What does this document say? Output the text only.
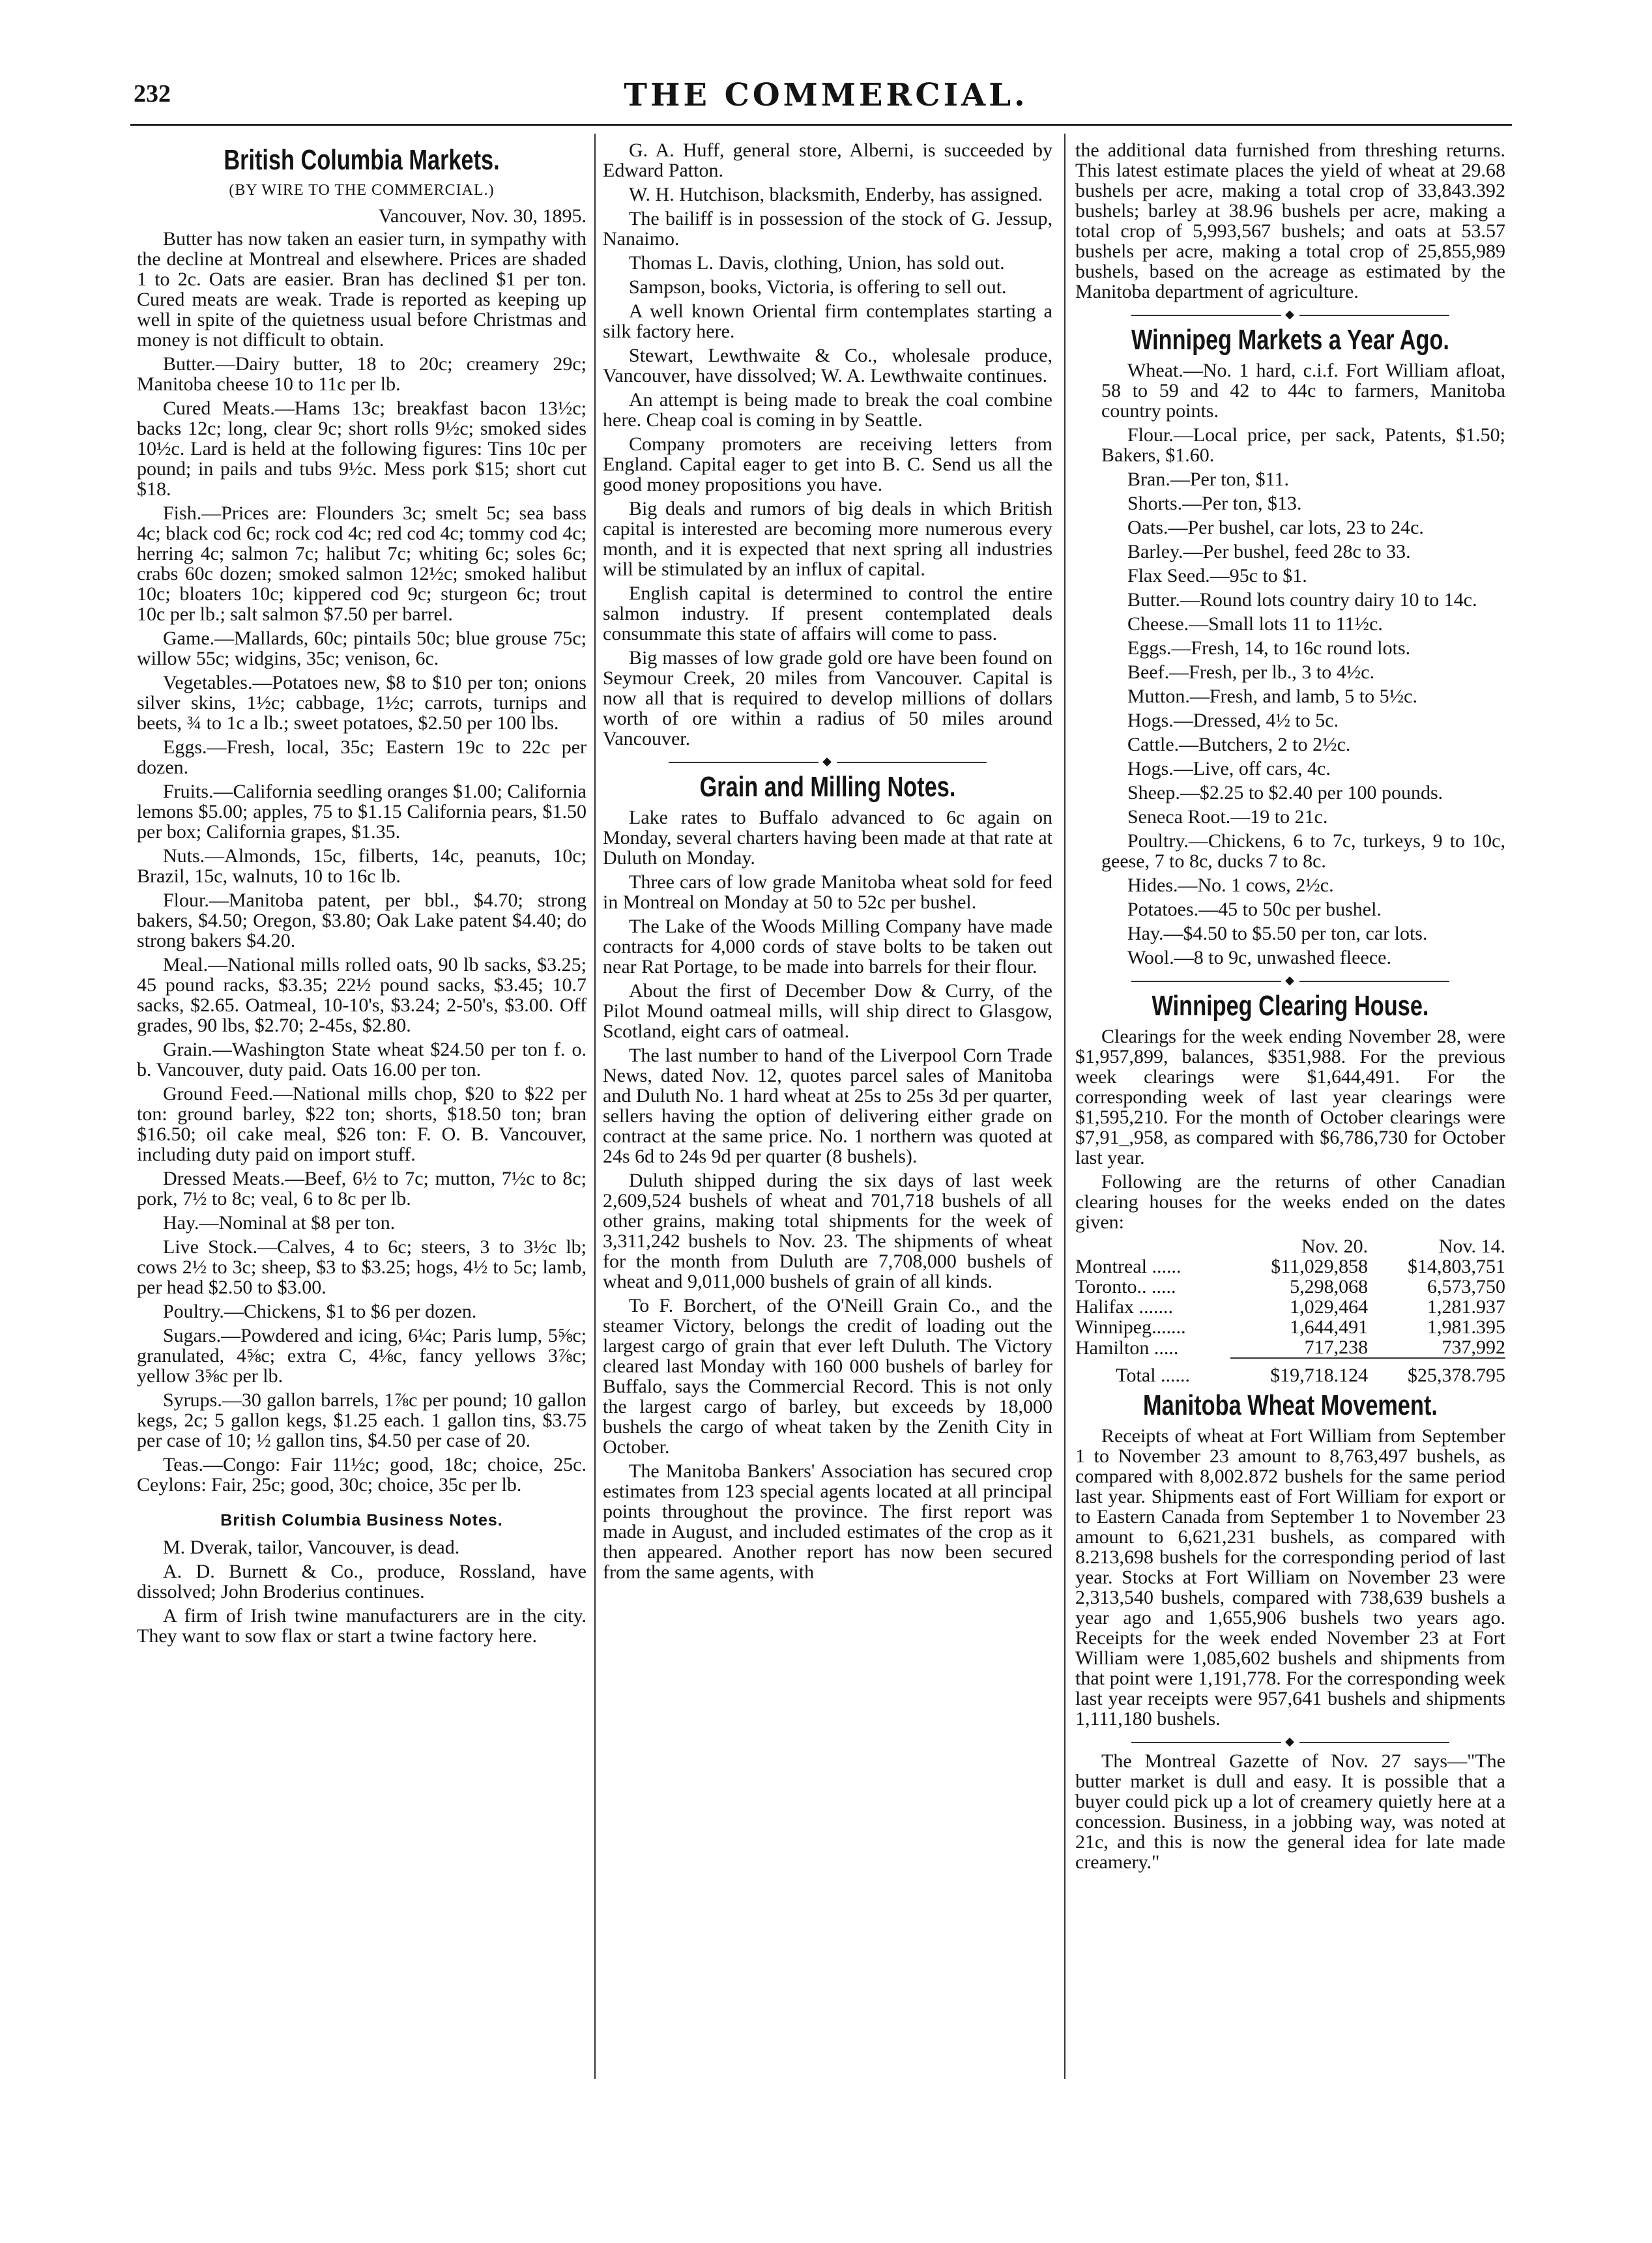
232	THE COMMERCIAL.
British Columbia Markets.
(BY WIRE TO THE COMMERCIAL.)
Vancouver, Nov. 30, 1895.

Butter has now taken an easier turn, in sympathy with the decline at Montreal and elsewhere. Prices are shaded 1 to 2c. Oats are easier. Bran has declined $1 per ton. Cured meats are weak. Trade is reported as keeping up well in spite of the quietness usual before Christmas and money is not difficult to obtain.

Butter.—Dairy butter, 18 to 20c; creamery 29c; Manitoba cheese 10 to 11c per lb.

Cured Meats.—Hams 13c; breakfast bacon 13½c; backs 12c; long, clear 9c; short rolls 9½c; smoked sides 10½c. Lard is held at the following figures: Tins 10c per pound; in pails and tubs 9½c. Mess pork $15; short cut $18.

Fish.—Prices are: Flounders 3c; smelt 5c; sea bass 4c; black cod 6c; rock cod 4c; red cod 4c; tommy cod 4c; herring 4c; salmon 7c; halibut 7c; whiting 6c; soles 6c; crabs 60c dozen; smoked salmon 12½c; smoked halibut 10c; bloaters 10c; kippered cod 9c; sturgeon 6c; trout 10c per lb.; salt salmon $7.50 per barrel.

Game.—Mallards, 60c; pintails 50c; blue grouse 75c; willow 55c; widgins, 35c; venison, 6c.

Vegetables.—Potatoes new, $8 to $10 per ton; onions silver skins, 1½c; cabbage, 1½c; carrots, turnips and beets, ¾ to 1c a lb.; sweet potatoes, $2.50 per 100 lbs.

Eggs.—Fresh, local, 35c; Eastern 19c to 22c per dozen.

Fruits.—California seedling oranges $1.00; California lemons $5.00; apples, 75 to $1.15 California pears, $1.50 per box; California grapes, $1.35.

Nuts.—Almonds, 15c, filberts, 14c, peanuts, 10c; Brazil, 15c, walnuts, 10 to 16c lb.

Flour.—Manitoba patent, per bbl., $4.70; strong bakers, $4.50; Oregon, $3.80; Oak Lake patent $4.40; do strong bakers $4.20.

Meal.—National mills rolled oats, 90 lb sacks, $3.25; 45 pound racks, $3.35; 22½ pound sacks, $3.45; 10.7 sacks, $2.65. Oatmeal, 10-10's, $3.24; 2-50's, $3.00. Off grades, 90 lbs, $2.70; 2-45s, $2.80.

Grain.—Washington State wheat $24.50 per ton f. o. b. Vancouver, duty paid. Oats 16.00 per ton.

Ground Feed.—National mills chop, $20 to $22 per ton: ground barley, $22 ton; shorts, $18.50 ton; bran $16.50; oil cake meal, $26 ton: F. O. B. Vancouver, including duty paid on import stuff.

Dressed Meats.—Beef, 6½ to 7c; mutton, 7½c to 8c; pork, 7½ to 8c; veal, 6 to 8c per lb.

Hay.—Nominal at $8 per ton.

Live Stock.—Calves, 4 to 6c; steers, 3 to 3½c lb; cows 2½ to 3c; sheep, $3 to $3.25; hogs, 4½ to 5c; lamb, per head $2.50 to $3.00.

Poultry.—Chickens, $1 to $6 per dozen.

Sugars.—Powdered and icing, 6¼c; Paris lump, 5⅝c; granulated, 4⅝c; extra C, 4⅛c, fancy yellows 3⅞c; yellow 3⅝c per lb.

Syrups.—30 gallon barrels, 1⅞c per pound; 10 gallon kegs, 2c; 5 gallon kegs, $1.25 each. 1 gallon tins, $3.75 per case of 10; ½ gallon tins, $4.50 per case of 20.

Teas.—Congo: Fair 11½c; good, 18c; choice, 25c. Ceylons: Fair, 25c; good, 30c; choice, 35c per lb.

British Columbia Business Notes.

M. Dverak, tailor, Vancouver, is dead.

A. D. Burnett & Co., produce, Rossland, have dissolved; John Broderius continues.

A firm of Irish twine manufacturers are in the city. They want to sow flax or start a twine factory here.

G. A. Huff, general store, Alberni, is succeeded by Edward Patton.

W. H. Hutchison, blacksmith, Enderby, has assigned.

The bailiff is in possession of the stock of G. Jessup, Nanaimo.

Thomas L. Davis, clothing, Union, has sold out.

Sampson, books, Victoria, is offering to sell out.

A well known Oriental firm contemplates starting a silk factory here.

Stewart, Lewthwaite & Co., wholesale produce, Vancouver, have dissolved; W. A. Lewthwaite continues.

An attempt is being made to break the coal combine here. Cheap coal is coming in by Seattle.

Company promoters are receiving letters from England. Capital eager to get into B. C. Send us all the good money propositions you have.

Big deals and rumors of big deals in which British capital is interested are becoming more numerous every month, and it is expected that next spring all industries will be stimulated by an influx of capital.

English capital is determined to control the entire salmon industry. If present contemplated deals consummate this state of affairs will come to pass.

Big masses of low grade gold ore have been found on Seymour Creek, 20 miles from Vancouver. Capital is now all that is required to develop millions of dollars worth of ore within a radius of 50 miles around Vancouver.

◆
Grain and Milling Notes.

Lake rates to Buffalo advanced to 6c again on Monday, several charters having been made at that rate at Duluth on Monday.

Three cars of low grade Manitoba wheat sold for feed in Montreal on Monday at 50 to 52c per bushel.

The Lake of the Woods Milling Company have made contracts for 4,000 cords of stave bolts to be taken out near Rat Portage, to be made into barrels for their flour.

About the first of December Dow & Curry, of the Pilot Mound oatmeal mills, will ship direct to Glasgow, Scotland, eight cars of oatmeal.

The last number to hand of the Liverpool Corn Trade News, dated Nov. 12, quotes parcel sales of Manitoba and Duluth No. 1 hard wheat at 25s to 25s 3d per quarter, sellers having the option of delivering either grade on contract at the same price. No. 1 northern was quoted at 24s 6d to 24s 9d per quarter (8 bushels).

Duluth shipped during the six days of last week 2,609,524 bushels of wheat and 701,718 bushels of all other grains, making total shipments for the week of 3,311,242 bushels to Nov. 23. The shipments of wheat for the month from Duluth are 7,708,000 bushels of wheat and 9,011,000 bushels of grain of all kinds.

To F. Borchert, of the O'Neill Grain Co., and the steamer Victory, belongs the credit of loading out the largest cargo of grain that ever left Duluth. The Victory cleared last Monday with 160 000 bushels of barley for Buffalo, says the Commercial Record. This is not only the largest cargo of barley, but exceeds by 18,000 bushels the cargo of wheat taken by the Zenith City in October.

The Manitoba Bankers' Association has secured crop estimates from 123 special agents located at all principal points throughout the province. The first report was made in August, and included estimates of the crop as it then appeared. Another report has now been secured from the same agents, with

the additional data furnished from threshing returns. This latest estimate places the yield of wheat at 29.68 bushels per acre, making a total crop of 33,843.392 bushels; barley at 38.96 bushels per acre, making a total crop of 5,993,567 bushels; and oats at 53.57 bushels per acre, making a total crop of 25,855,989 bushels, based on the acreage as estimated by the Manitoba department of agriculture.

◆
Winnipeg Markets a Year Ago.

Wheat.—No. 1 hard, c.i.f. Fort William afloat, 58 to 59 and 42 to 44c to farmers, Manitoba country points.

Flour.—Local price, per sack, Patents, $1.50; Bakers, $1.60.

Bran.—Per ton, $11.

Shorts.—Per ton, $13.

Oats.—Per bushel, car lots, 23 to 24c.

Barley.—Per bushel, feed 28c to 33.

Flax Seed.—95c to $1.

Butter.—Round lots country dairy 10 to 14c.

Cheese.—Small lots 11 to 11½c.

Eggs.—Fresh, 14, to 16c round lots.

Beef.—Fresh, per lb., 3 to 4½c.

Mutton.—Fresh, and lamb, 5 to 5½c.

Hogs.—Dressed, 4½ to 5c.

Cattle.—Butchers, 2 to 2½c.

Hogs.—Live, off cars, 4c.

Sheep.—$2.25 to $2.40 per 100 pounds.

Seneca Root.—19 to 21c.

Poultry.—Chickens, 6 to 7c, turkeys, 9 to 10c, geese, 7 to 8c, ducks 7 to 8c.

Hides.—No. 1 cows, 2½c.

Potatoes.—45 to 50c per bushel.

Hay.—$4.50 to $5.50 per ton, car lots.

Wool.—8 to 9c, unwashed fleece.

◆
Winnipeg Clearing House.

Clearings for the week ending November 28, were $1,957,899, balances, $351,988. For the previous week clearings were $1,644,491. For the corresponding week of last year clearings were $1,595,210. For the month of October clearings were $7,91_,958, as compared with $6,786,730 for October last year.

Following are the returns of other Canadian clearing houses for the weeks ended on the dates given:

	Nov. 20.	Nov. 14.
Montreal ......	$11,029,858	$14,803,751
Toronto.. .....	5,298,068	6,573,750
Halifax .......	1,029,464	1,281.937
Winnipeg.......	1,644,491	1,981.395
Hamilton .....	717,238	737,992
Total ......	$19,718.124	$25,378.795
Manitoba Wheat Movement.

Receipts of wheat at Fort William from September 1 to November 23 amount to 8,763,497 bushels, as compared with 8,002.872 bushels for the same period last year. Shipments east of Fort William for export or to Eastern Canada from September 1 to November 23 amount to 6,621,231 bushels, as compared with 8.213,698 bushels for the corresponding period of last year. Stocks at Fort William on November 23 were 2,313,540 bushels, compared with 738,639 bushels a year ago and 1,655,906 bushels two years ago. Receipts for the week ended November 23 at Fort William were 1,085,602 bushels and shipments from that point were 1,191,778. For the corresponding week last year receipts were 957,641 bushels and shipments 1,111,180 bushels.

◆

The Montreal Gazette of Nov. 27 says—"The butter market is dull and easy. It is possible that a buyer could pick up a lot of creamery quietly here at a concession. Business, in a jobbing way, was noted at 21c, and this is now the general idea for late made creamery."
